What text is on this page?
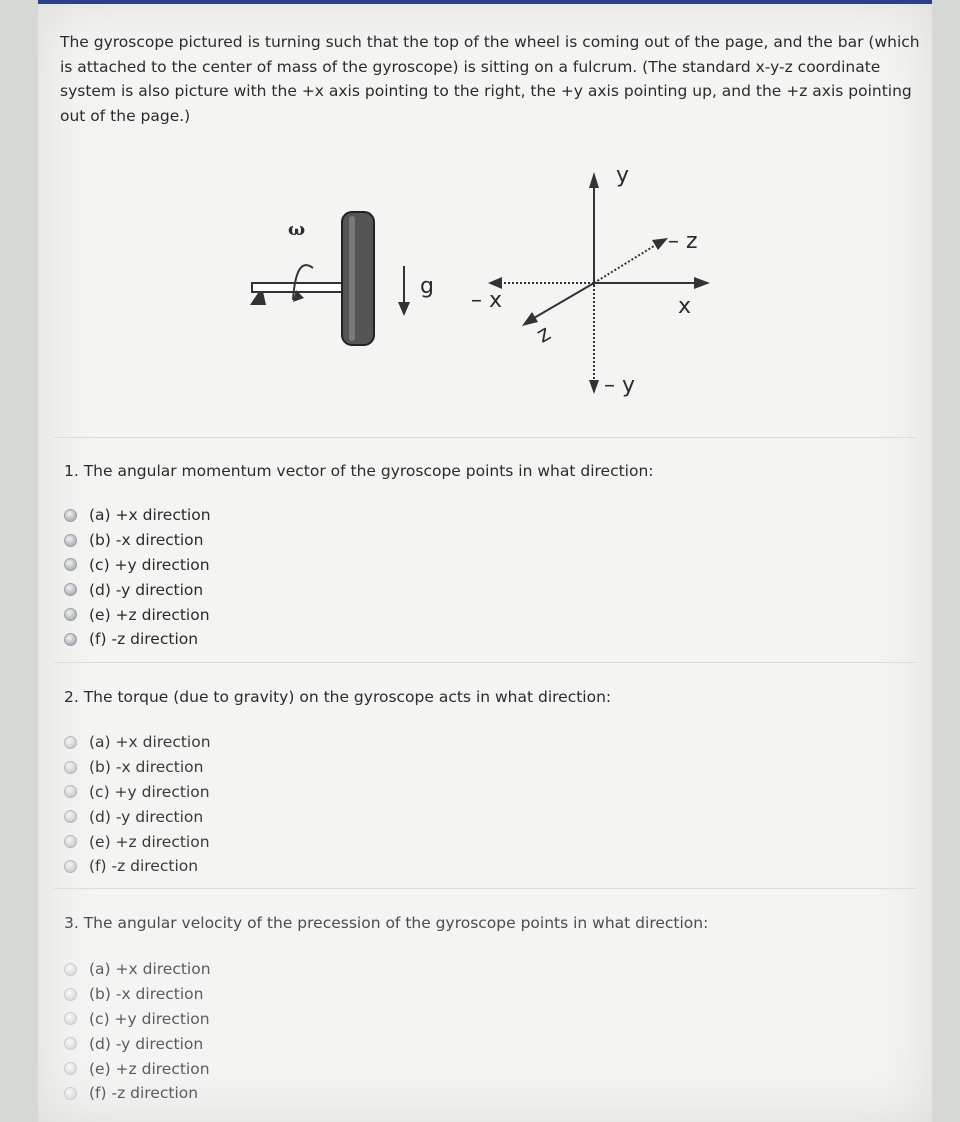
The gyroscope pictured is turning such that the top of the wheel is coming out of the page, and the bar (which is attached to the center of mass of the gyroscope) is sitting on a fulcrum. (The standard x-y-z coordinate system is also picture with the +x axis pointing to the right, the +y axis pointing up, and the +z axis pointing out of the page.)
ω
g
y
– y
x
– x
z
– z
1. The angular momentum vector of the gyroscope points in what direction:
(a) +x direction
(b) -x direction
(c) +y direction
(d) -y direction
(e) +z direction
(f) -z direction
2. The torque (due to gravity) on the gyroscope acts in what direction:
(a) +x direction
(b) -x direction
(c) +y direction
(d) -y direction
(e) +z direction
(f) -z direction
3. The angular velocity of the precession of the gyroscope points in what direction:
(a) +x direction
(b) -x direction
(c) +y direction
(d) -y direction
(e) +z direction
(f) -z direction
